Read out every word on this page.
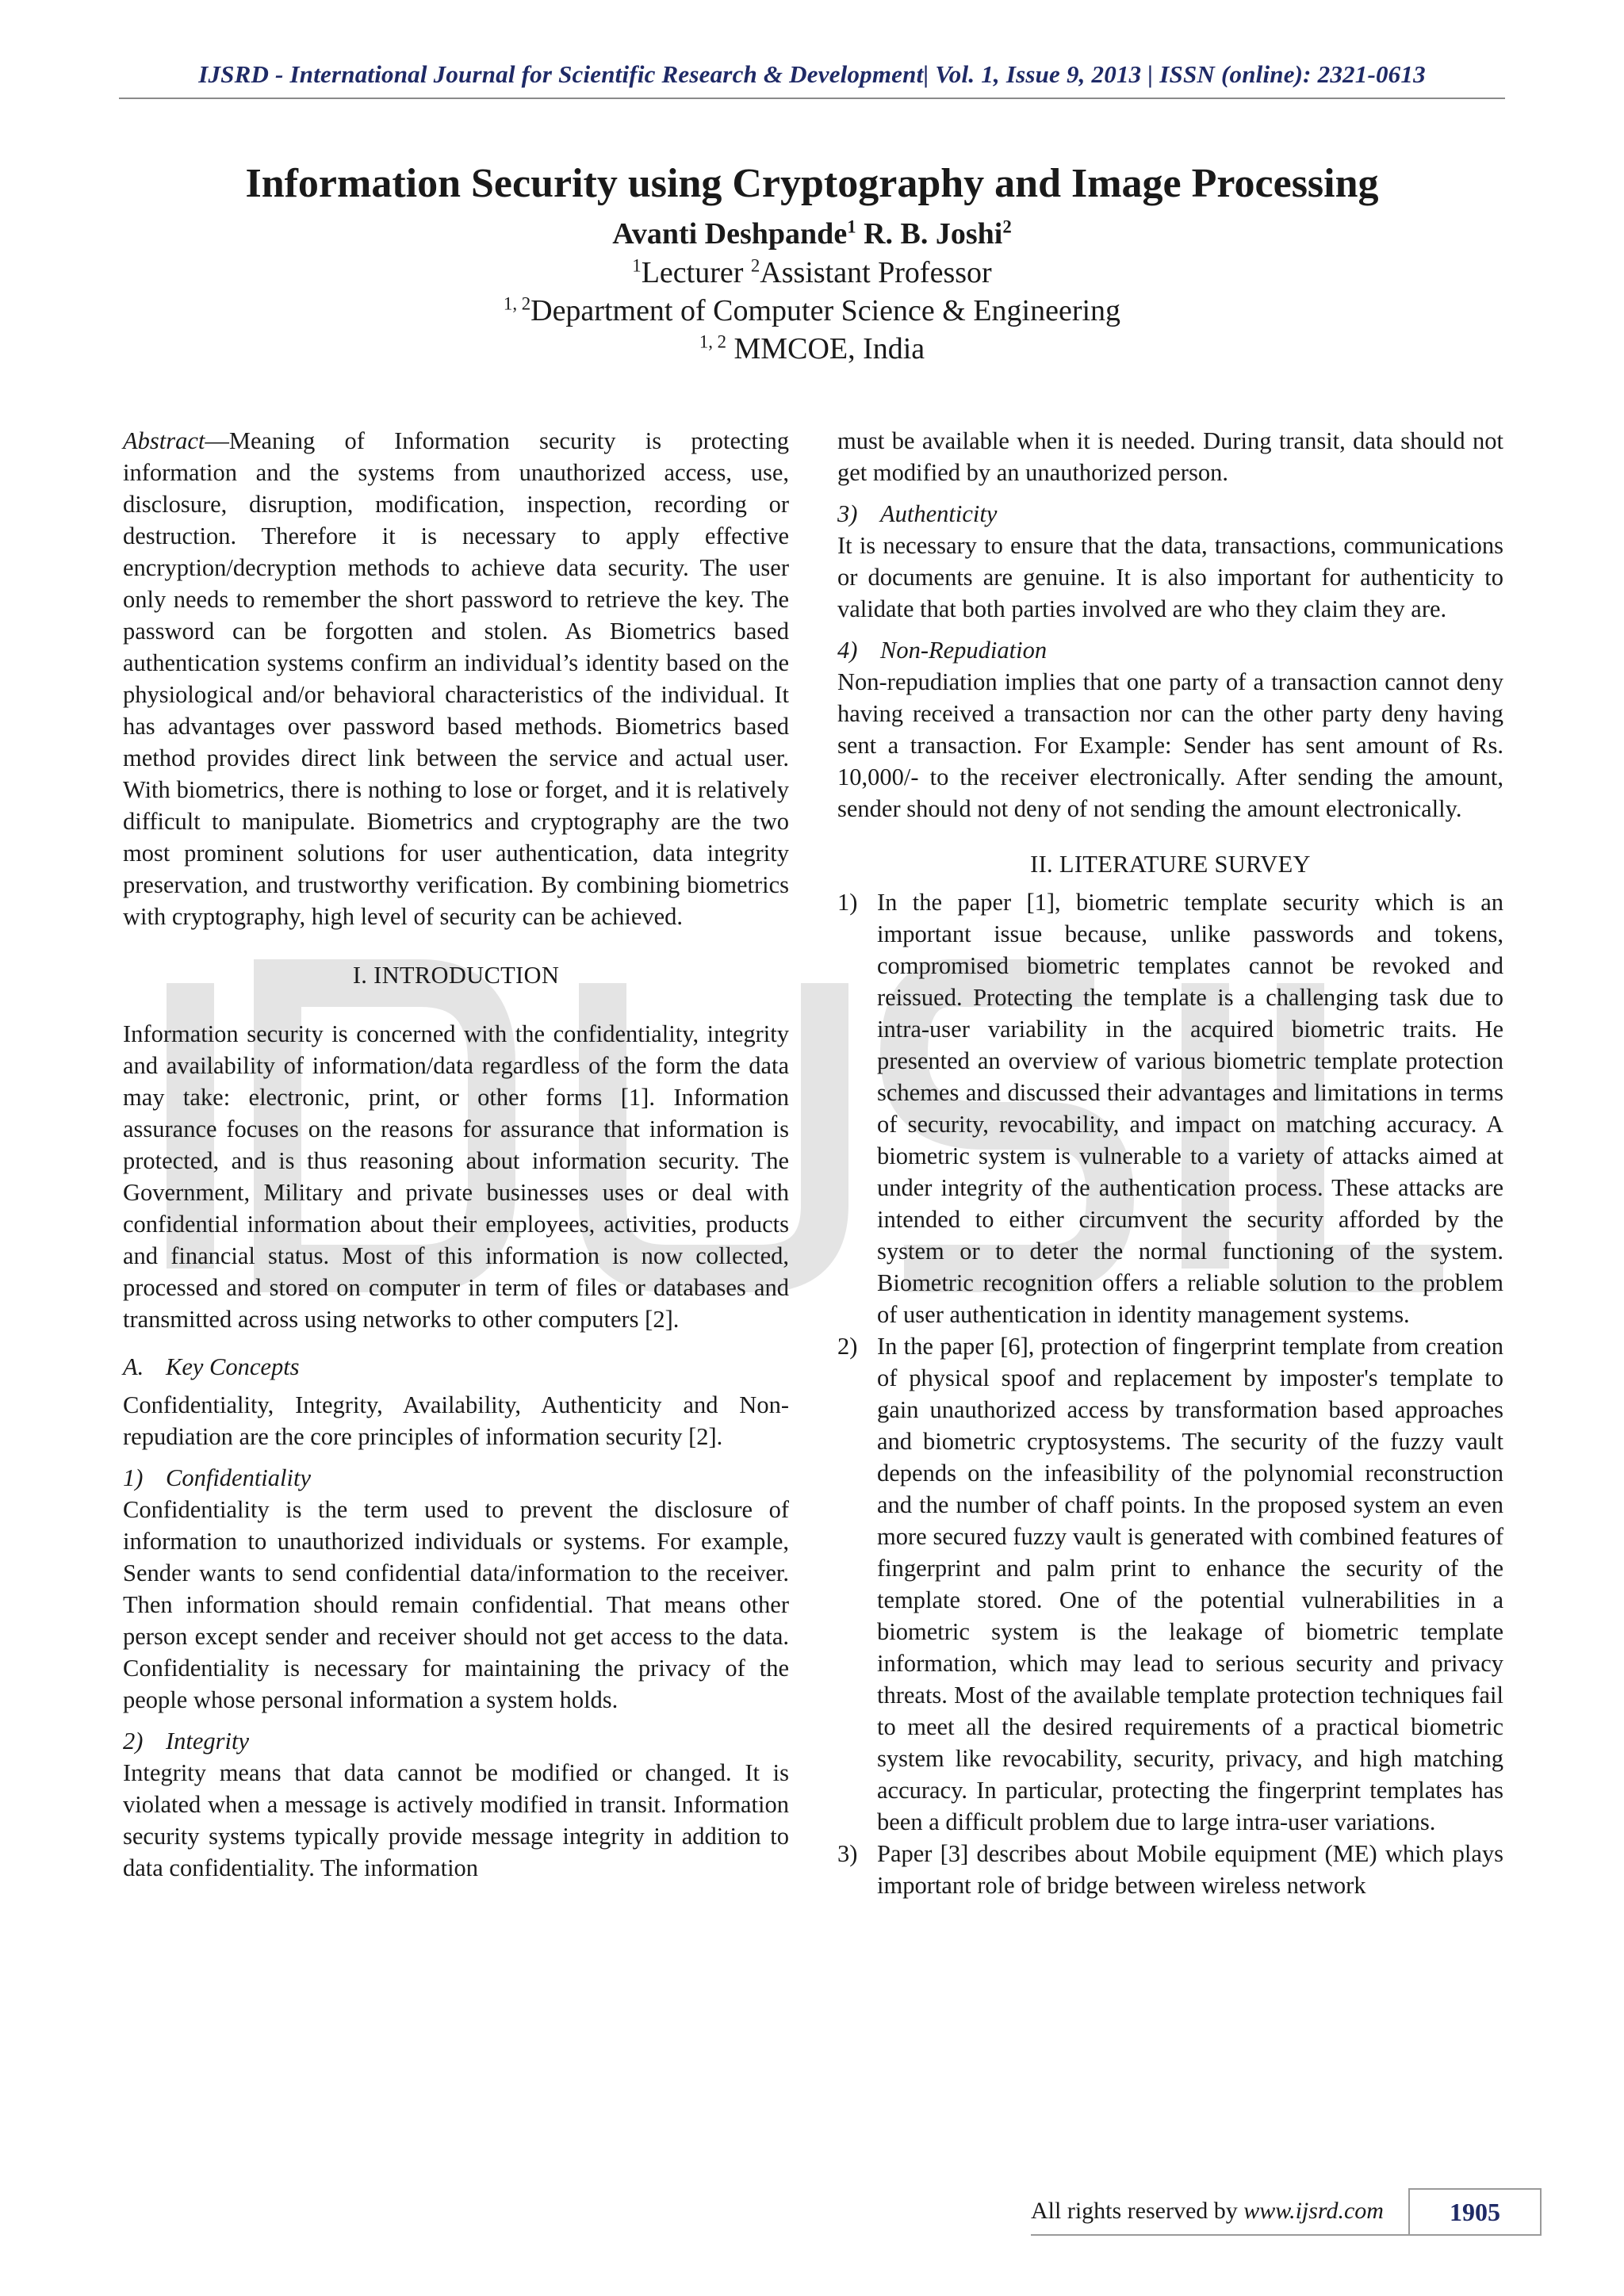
IJSRD - International Journal for Scientific Research & Development| Vol. 1, Issue 9, 2013 | ISSN (online): 2321-0613
Information Security using Cryptography and Image Processing
Avanti Deshpande$^1$ R. B. Joshi$^2$
$^1$Lecturer $^2$Assistant Professor
$^{1, 2}$Department of Computer Science & Engineering
$^{1, 2}$ MMCOE, India

Abstract—Meaning of Information security is protecting information and the systems from unauthorized access, use, disclosure, disruption, modification, inspection, recording or destruction. Therefore it is necessary to apply effective encryption/decryption methods to achieve data security. The user only needs to remember the short password to retrieve the key. The password can be forgotten and stolen. As Biometrics based authentication systems confirm an individual’s identity based on the physiological and/or behavioral characteristics of the individual. It has advantages over password based methods. Biometrics based method provides direct link between the service and actual user. With biometrics, there is nothing to lose or forget, and it is relatively difficult to manipulate. Biometrics and cryptography are the two most prominent solutions for user authentication, data integrity preservation, and trustworthy verification. By combining biometrics with cryptography, high level of security can be achieved.

I. INTRODUCTION

Information security is concerned with the confidentiality, integrity and availability of information/data regardless of the form the data may take: electronic, print, or other forms [1]. Information assurance focuses on the reasons for assurance that information is protected, and is thus reasoning about information security. The Government, Military and private businesses uses or deal with confidential information about their employees, activities, products and financial status. Most of this information is now collected, processed and stored on computer in term of files or databases and transmitted across using networks to other computers [2].

A. Key Concepts

Confidentiality, Integrity, Availability, Authenticity and Non-repudiation are the core principles of information security [2].

1) Confidentiality

Confidentiality is the term used to prevent the disclosure of information to unauthorized individuals or systems. For example, Sender wants to send confidential data/information to the receiver. Then information should remain confidential. That means other person except sender and receiver should not get access to the data. Confidentiality is necessary for maintaining the privacy of the people whose personal information a system holds.

2) Integrity

Integrity means that data cannot be modified or changed. It is violated when a message is actively modified in transit. Information security systems typically provide message integrity in addition to data confidentiality. The information

must be available when it is needed. During transit, data should not get modified by an unauthorized person.

3) Authenticity

It is necessary to ensure that the data, transactions, communications or documents are genuine. It is also important for authenticity to validate that both parties involved are who they claim they are.

4) Non-Repudiation

Non-repudiation implies that one party of a transaction cannot deny having received a transaction nor can the other party deny having sent a transaction. For Example: Sender has sent amount of Rs. 10,000/- to the receiver electronically. After sending the amount, sender should not deny of not sending the amount electronically.

II. LITERATURE SURVEY
1) In the paper [1], biometric template security which is an important issue because, unlike passwords and tokens, compromised biometric templates cannot be revoked and reissued. Protecting the template is a challenging task due to intra-user variability in the acquired biometric traits. He presented an overview of various biometric template protection schemes and discussed their advantages and limitations in terms of security, revocability, and impact on matching accuracy. A biometric system is vulnerable to a variety of attacks aimed at under integrity of the authentication process. These attacks are intended to either circumvent the security afforded by the system or to deter the normal functioning of the system. Biometric recognition offers a reliable solution to the problem of user authentication in identity management systems.
2) In the paper [6], protection of fingerprint template from creation of physical spoof and replacement by imposter's template to gain unauthorized access by transformation based approaches and biometric cryptosystems. The security of the fuzzy vault depends on the infeasibility of the polynomial reconstruction and the number of chaff points. In the proposed system an even more secured fuzzy vault is generated with combined features of fingerprint and palm print to enhance the security of the template stored. One of the potential vulnerabilities in a biometric system is the leakage of biometric template information, which may lead to serious security and privacy threats. Most of the available template protection techniques fail to meet all the desired requirements of a practical biometric system like revocability, security, privacy, and high matching accuracy. In particular, protecting the fingerprint templates has been a difficult problem due to large intra-user variations.
3) Paper [3] describes about Mobile equipment (ME) which plays important role of bridge between wireless network
All rights reserved by www.ijsrd.com	1905
